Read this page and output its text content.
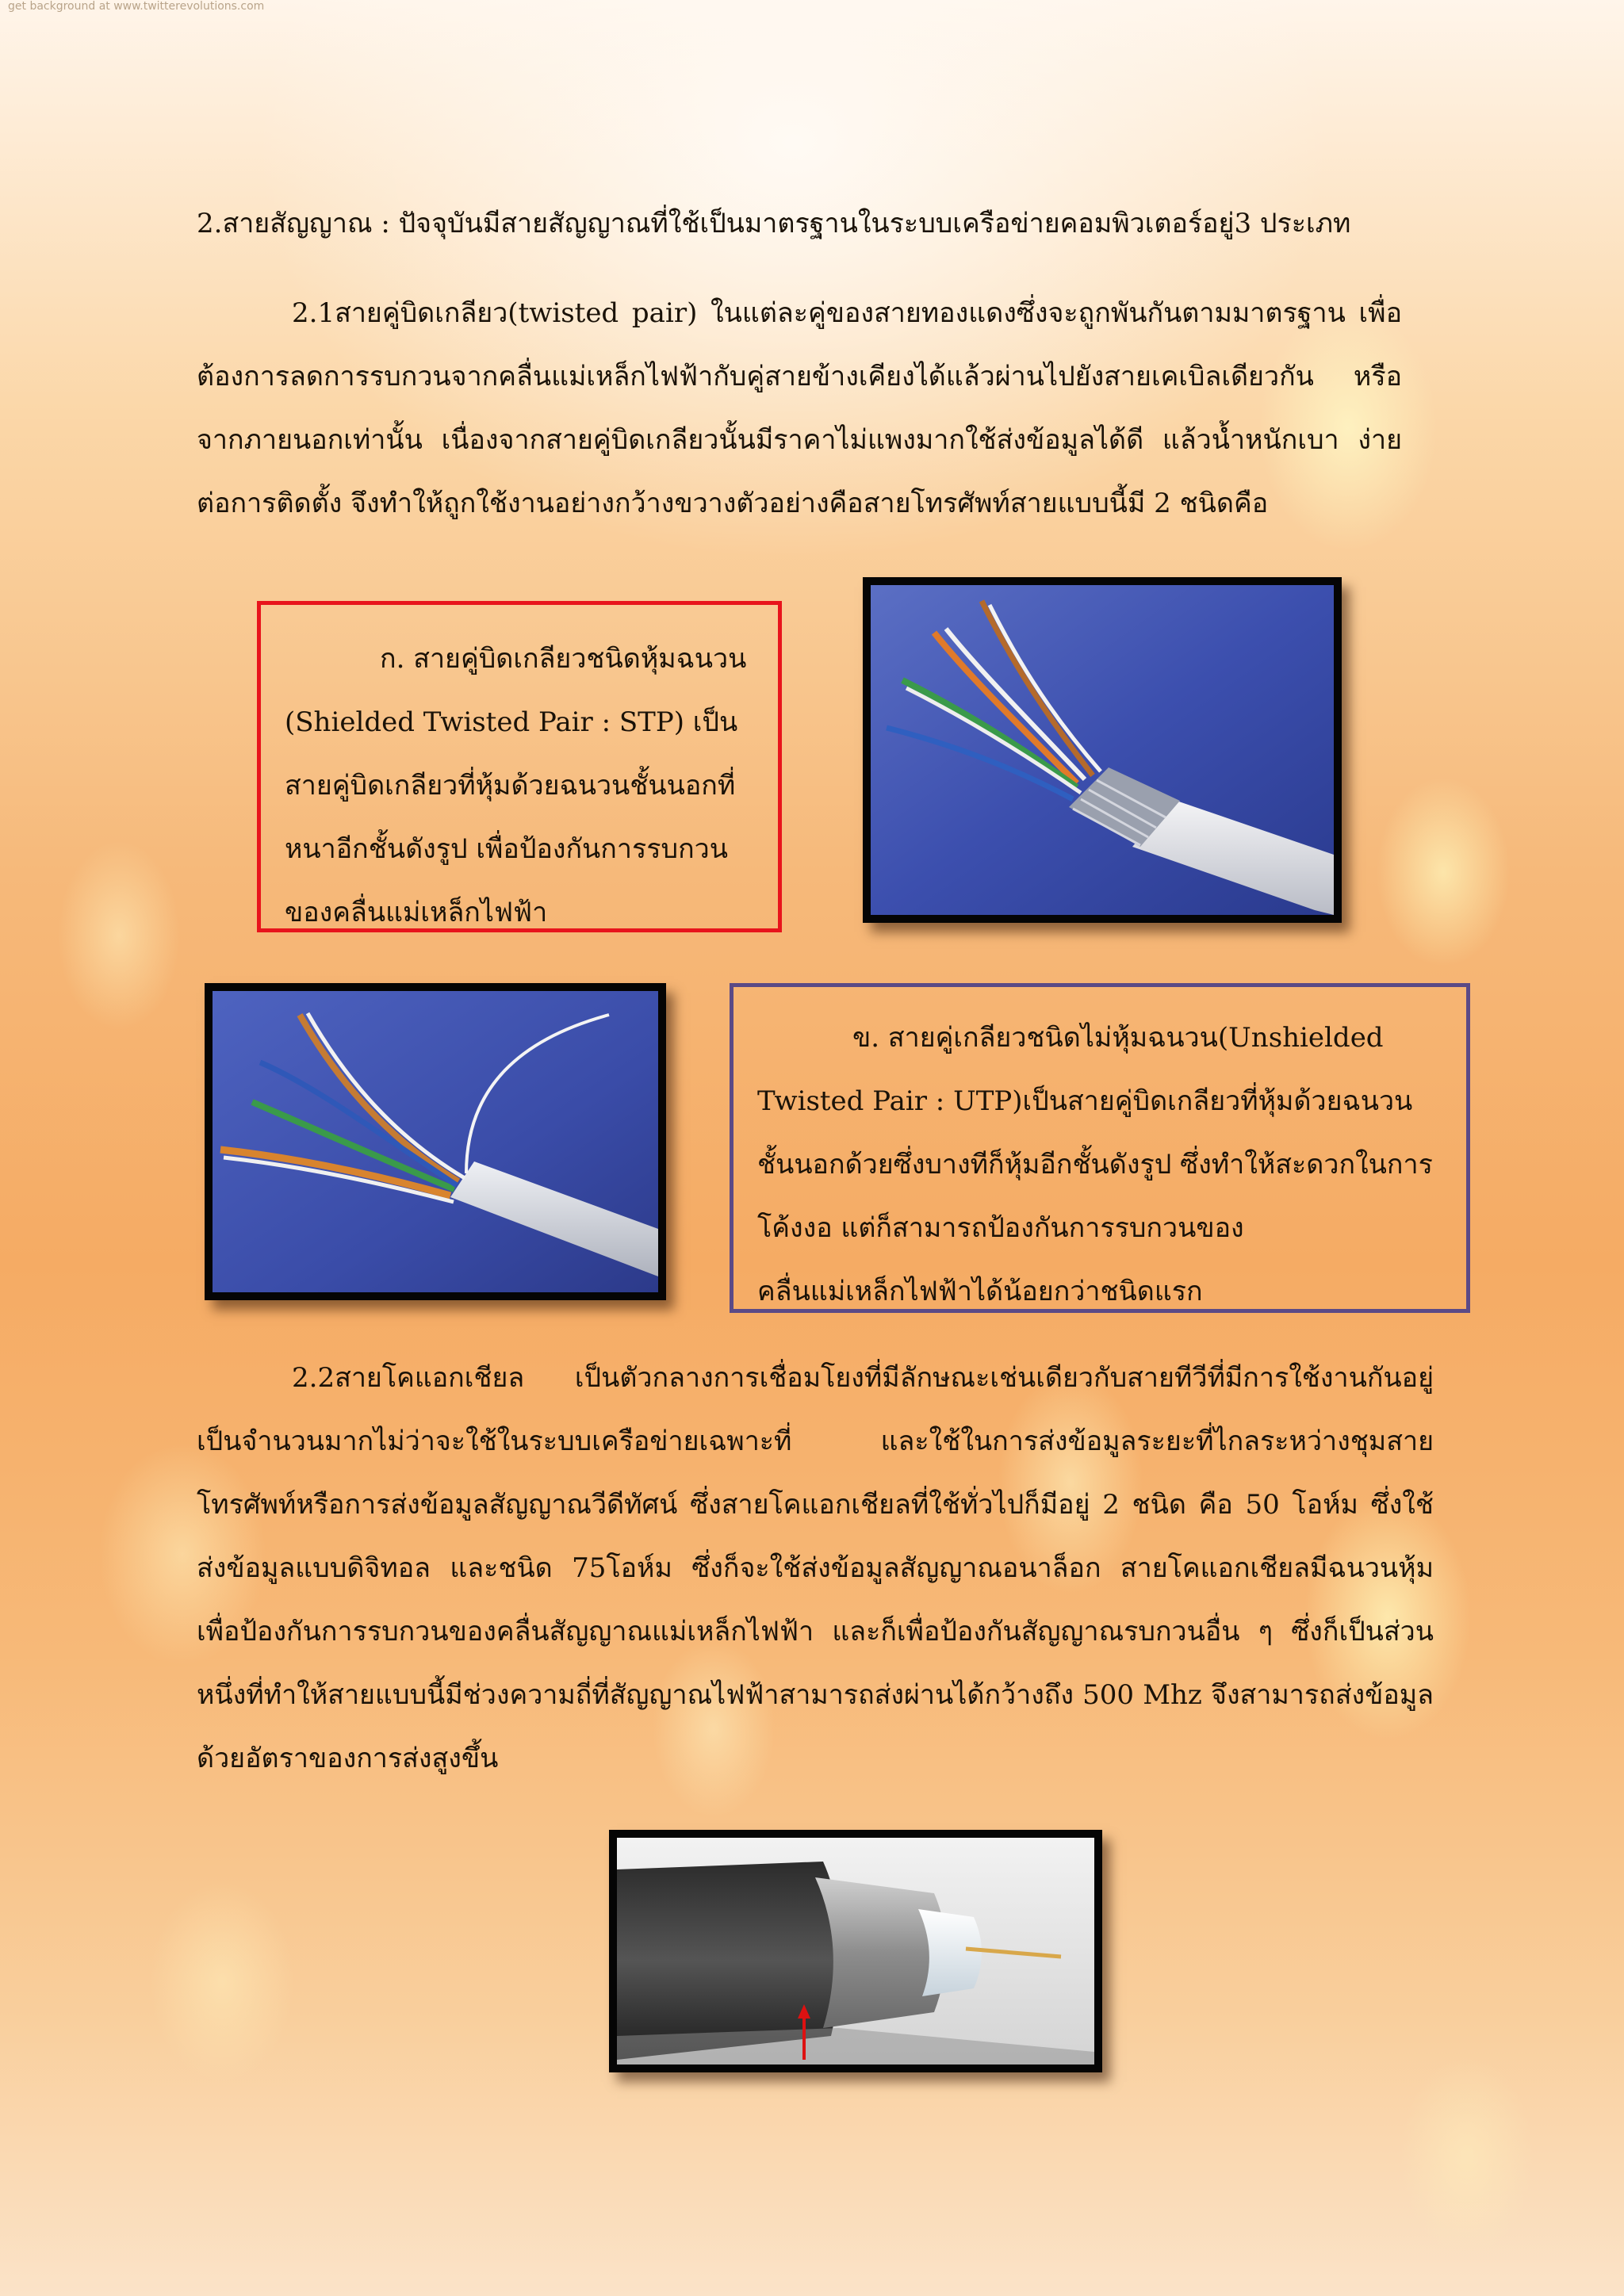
get background at www.twitterevolutions.com

2.สายสัญญาณ : ปัจจุบันมีสายสัญญาณที่ใช้เป็นมาตรฐานในระบบเครือข่ายคอมพิวเตอร์อยู่3 ประเภท

2.1สายคู่บิดเกลียว(twisted pair) ในแต่ละคู่ของสายทองแดงซึ่งจะถูกพันกันตามมาตรฐาน เพื่อต้องการลดการรบกวนจากคลื่นแม่เหล็กไฟฟ้ากับคู่สายข้างเคียงได้แล้วผ่านไปยังสายเคเบิลเดียวกัน หรือจากภายนอกเท่านั้น เนื่องจากสายคู่บิดเกลียวนั้นมีราคาไม่แพงมากใช้ส่งข้อมูลได้ดี แล้วน้ำหนักเบา ง่ายต่อการติดตั้ง จึงทำให้ถูกใช้งานอย่างกว้างขวางตัวอย่างคือสายโทรศัพท์สายแบบนี้มี 2 ชนิดคือ

ก. สายคู่บิดเกลียวชนิดหุ้มฉนวน (Shielded Twisted Pair : STP) เป็นสายคู่บิดเกลียวที่หุ้มด้วยฉนวนชั้นนอกที่หนาอีกชั้นดังรูป เพื่อป้องกันการรบกวนของคลื่นแม่เหล็กไฟฟ้า

ข. สายคู่เกลียวชนิดไม่หุ้มฉนวน(Unshielded Twisted Pair : UTP)เป็นสายคู่บิดเกลียวที่หุ้มด้วยฉนวนชั้นนอกด้วยซึ่งบางทีก็หุ้มอีกชั้นดังรูป ซึ่งทำให้สะดวกในการโค้งงอ แต่ก็สามารถป้องกันการรบกวนของคลื่นแม่เหล็กไฟฟ้าได้น้อยกว่าชนิดแรก

2.2สายโคแอกเชียล เป็นตัวกลางการเชื่อมโยงที่มีลักษณะเช่นเดียวกับสายทีวีที่มีการใช้งานกันอยู่เป็นจำนวนมากไม่ว่าจะใช้ในระบบเครือข่ายเฉพาะที่ และใช้ในการส่งข้อมูลระยะที่ไกลระหว่างชุมสายโทรศัพท์หรือการส่งข้อมูลสัญญาณวีดีทัศน์ ซึ่งสายโคแอกเชียลที่ใช้ทั่วไปก็มีอยู่ 2 ชนิด คือ 50 โอห์ม ซึ่งใช้ส่งข้อมูลแบบดิจิทอล และชนิด 75โอห์ม ซึ่งก็จะใช้ส่งข้อมูลสัญญาณอนาล็อก สายโคแอกเชียลมีฉนวนหุ้มเพื่อป้องกันการรบกวนของคลื่นสัญญาณแม่เหล็กไฟฟ้า และก็เพื่อป้องกันสัญญาณรบกวนอื่น ๆ ซึ่งก็เป็นส่วนหนึ่งที่ทำให้สายแบบนี้มีช่วงความถี่ที่สัญญาณไฟฟ้าสามารถส่งผ่านได้กว้างถึง 500 Mhz จึงสามารถส่งข้อมูลด้วยอัตราของการส่งสูงขึ้น
